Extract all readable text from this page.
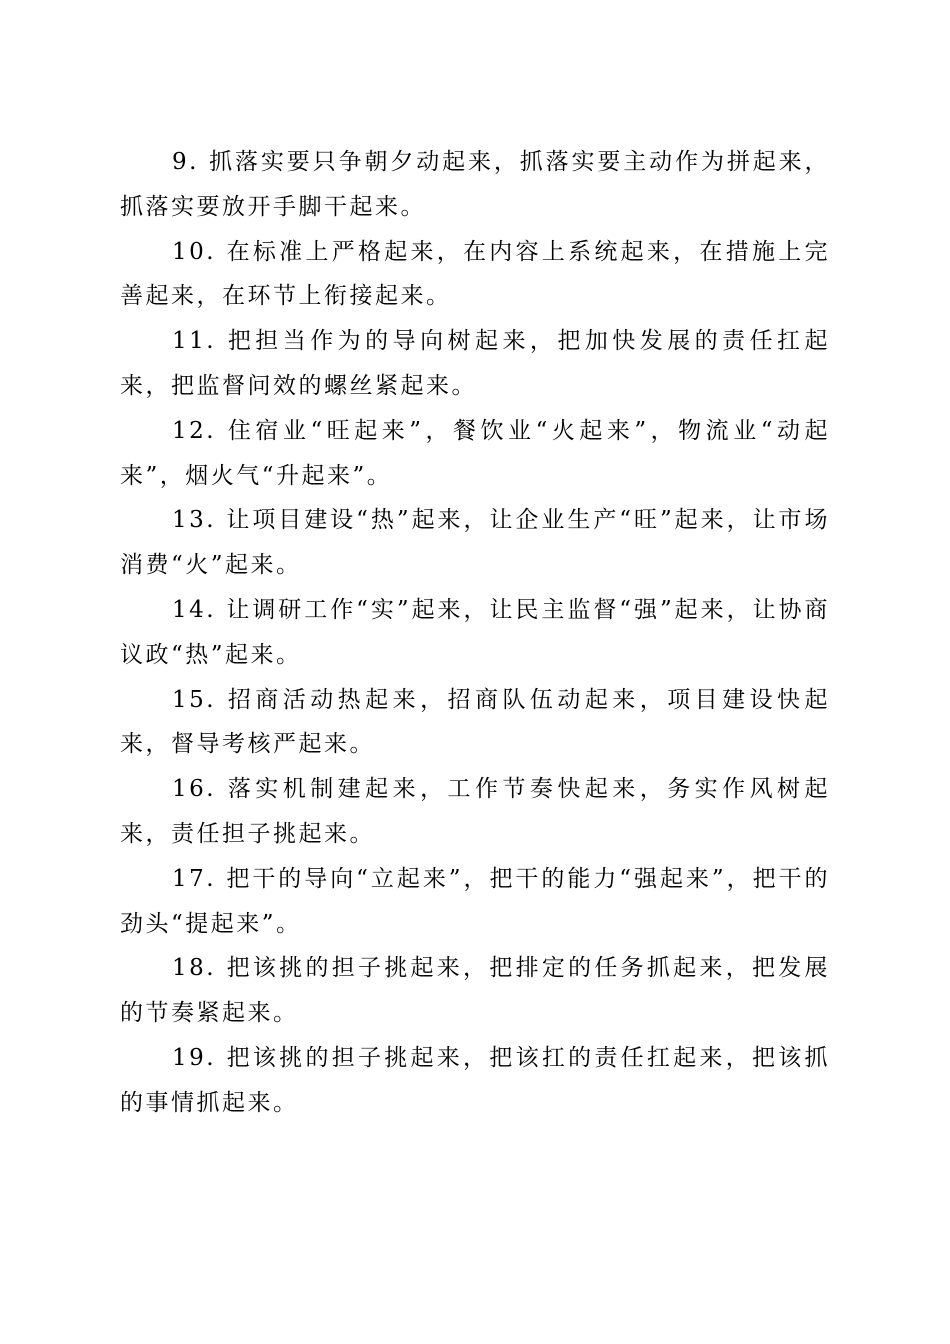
9. 抓落实要只争朝夕动起来，抓落实要主动作为拼起来，抓落实要放开手脚干起来。

10. 在标准上严格起来，在内容上系统起来，在措施上完善起来，在环节上衔接起来。

11. 把担当作为的导向树起来，把加快发展的责任扛起来，把监督问效的螺丝紧起来。

12. 住宿业“旺起来”，餐饮业“火起来”，物流业“动起来”，烟火气“升起来”。

13. 让项目建设“热”起来，让企业生产“旺”起来，让市场消费“火”起来。

14. 让调研工作“实”起来，让民主监督“强”起来，让协商议政“热”起来。

15. 招商活动热起来，招商队伍动起来，项目建设快起来，督导考核严起来。

16. 落实机制建起来，工作节奏快起来，务实作风树起来，责任担子挑起来。

17. 把干的导向“立起来”，把干的能力“强起来”，把干的劲头“提起来”。

18. 把该挑的担子挑起来，把排定的任务抓起来，把发展的节奏紧起来。

19. 把该挑的担子挑起来，把该扛的责任扛起来，把该抓的事情抓起来。
